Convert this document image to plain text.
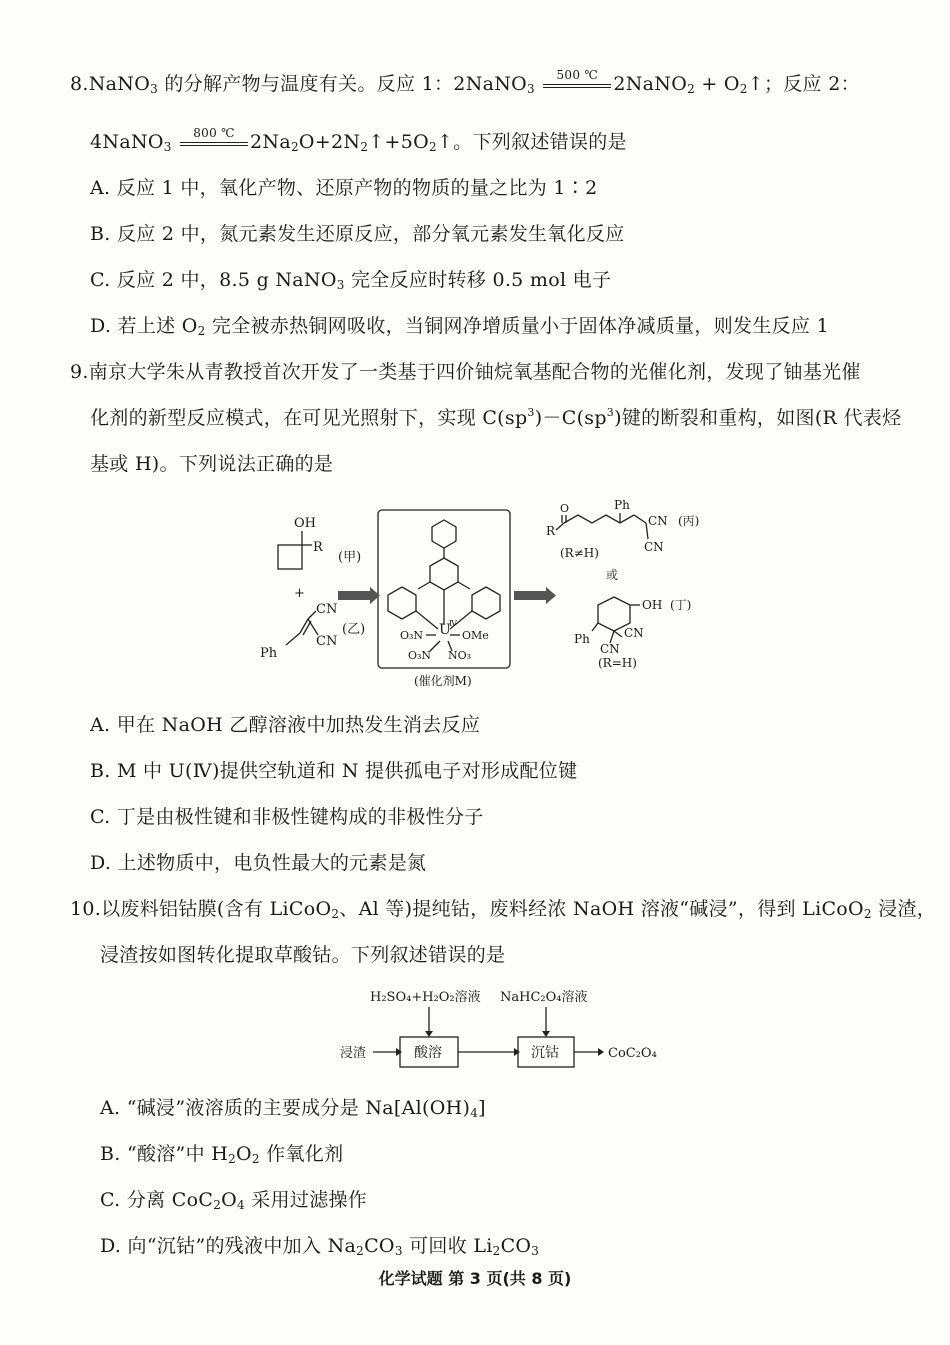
8.NaNO$_3$ 的分解产物与温度有关。反应 1：2NaNO$_3$
500 ℃ 2NaNO$_2$ + $O_2↑$；反应 2：
4NaNO$_3$
800 ℃ $2Na_2O+2N_2↑+5O_2↑$。下列叙述错误的是
A. 反应 1 中，氧化产物、还原产物的物质的量之比为 1∶2
B. 反应 2 中，氮元素发生还原反应，部分氧元素发生氧化反应
C. 反应 2 中，8.5 g NaNO$_3$ 完全反应时转移 0.5 mol 电子
D. 若上述 $O_2$ 完全被赤热铜网吸收，当铜网净增质量小于固体净减质量，则发生反应 1
9.南京大学朱从青教授首次开发了一类基于四价铀烷氧基配合物的光催化剂，发现了铀基光催
化剂的新型反应模式，在可见光照射下，实现 $C(sp^3)-C(sp^3)$键的断裂和重构，如图(R 代表烃
基或 H)。下列说法正确的是
OH
R
(甲)
+
CN
CN
Ph
(乙)	U
Ⅳ
O₃N	OMe
O₃N NO₃
(催化剂M)
O
R
Ph
CN
CN
(丙)
(R≠H)
或
OH (丁)
CN
CN
Ph
(R=H)
A. 甲在 NaOH 乙醇溶液中加热发生消去反应
B. M 中 U(Ⅳ)提供空轨道和 N 提供孤电子对形成配位键
C. 丁是由极性键和非极性键构成的非极性分子
D. 上述物质中，电负性最大的元素是氮
10.以废料铝钴膜(含有 LiCoO$_2$、Al 等)提纯钴，废料经浓 NaOH 溶液“碱浸”，得到 LiCoO$_2$ 浸渣，
浸渣按如图转化提取草酸钴。下列叙述错误的是
H₂SO₄+H₂O₂溶液 NaHC₂O₄溶液
浸渣	酸溶	沉钴	CoC₂O₄
A. “碱浸”液溶质的主要成分是 $Na[Al(OH)_4]$
B. “酸溶”中 $H_2O_2$ 作氧化剂
C. 分离 $CoC_2O_4$ 采用过滤操作
D. 向“沉钴”的残液中加入 $Na_2CO_3$ 可回收 $Li_2CO_3$
化学试题 第 3 页(共 8 页)
